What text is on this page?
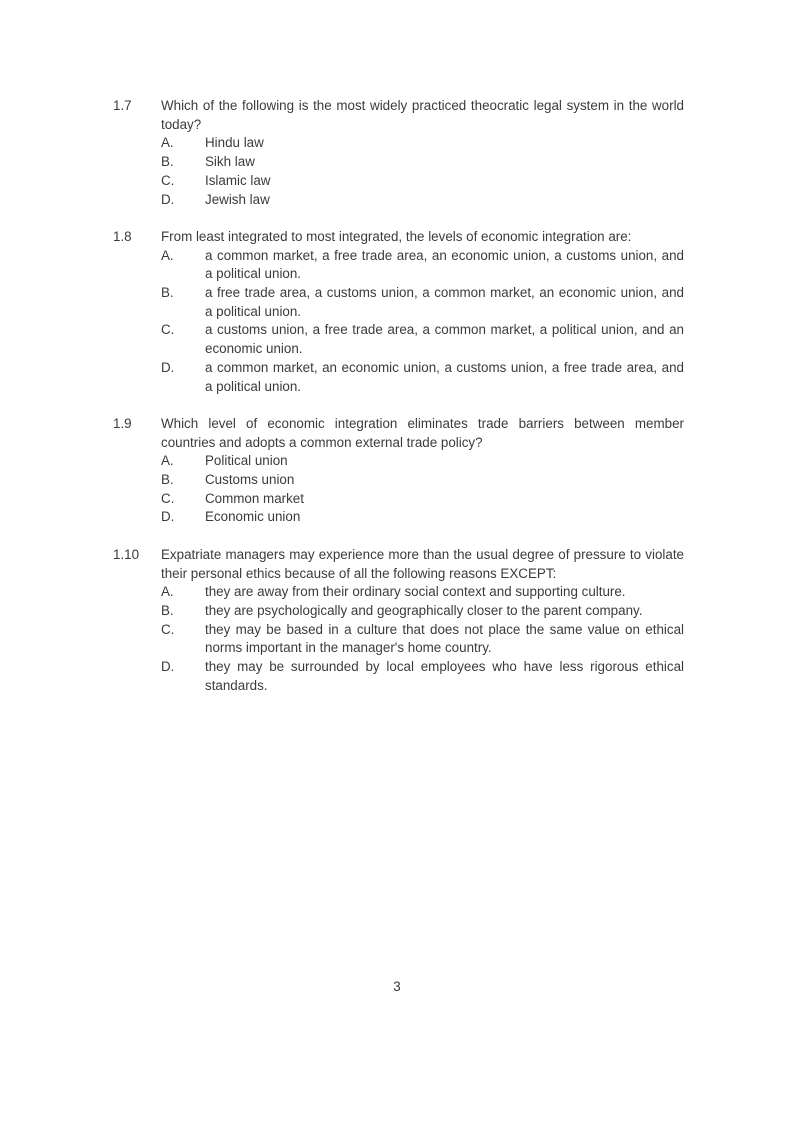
1.7	Which of the following is the most widely practiced theocratic legal system in the world today?

A.	Hindu law
B.	Sikh law
C.	Islamic law
D.	Jewish law
1.8	From least integrated to most integrated, the levels of economic integration are:

A.	a common market, a free trade area, an economic union, a customs union, and a political union.
B.	a free trade area, a customs union, a common market, an economic union, and a political union.
C.	a customs union, a free trade area, a common market, a political union, and an economic union.
D.	a common market, an economic union, a customs union, a free trade area, and a political union.
1.9	Which level of economic integration eliminates trade barriers between member countries and adopts a common external trade policy?

A.	Political union
B.	Customs union
C.	Common market
D.	Economic union
1.10	Expatriate managers may experience more than the usual degree of pressure to violate their personal ethics because of all the following reasons EXCEPT:

A.	they are away from their ordinary social context and supporting culture.
B.	they are psychologically and geographically closer to the parent company.
C.	they may be based in a culture that does not place the same value on ethical norms important in the manager's home country.
D.	they may be surrounded by local employees who have less rigorous ethical standards.
3
